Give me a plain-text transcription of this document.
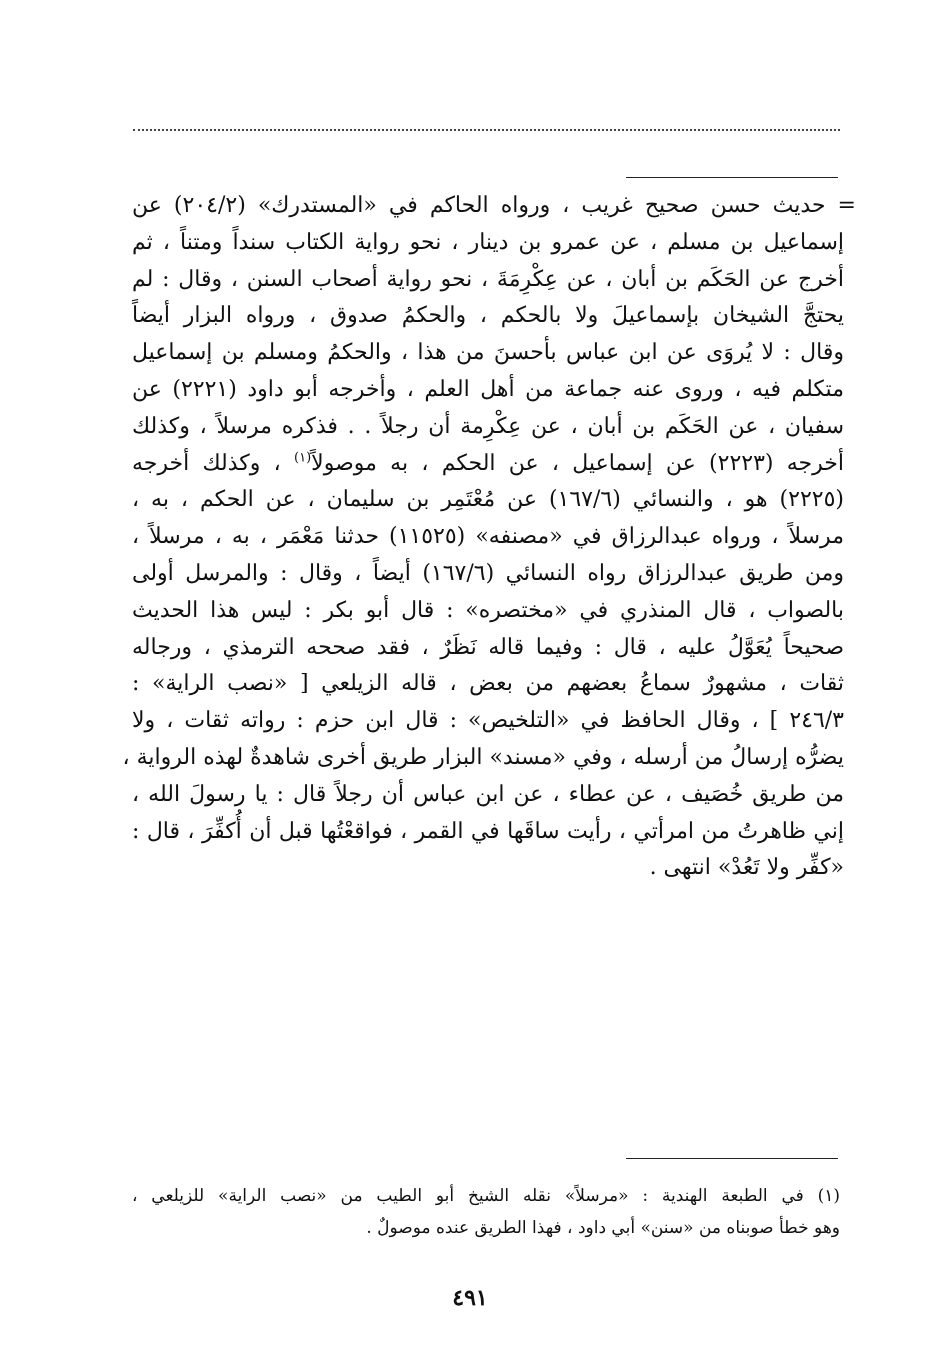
= حديث حسن صحيح غريب ، ورواه الحاكم في «المستدرك» (٢٠٤/٢) عن
إسماعيل بن مسلم ، عن عمرو بن دينار ، نحو رواية الكتاب سنداً ومتناً ، ثم
أخرج عن الحَكَم بن أبان ، عن عِكْرِمَةَ ، نحو رواية أصحاب السنن ، وقال : لم
يحتجَّ الشيخان بإسماعيلَ ولا بالحكم ، والحكمُ صدوق ، ورواه البزار أيضاً
وقال : لا يُروَى عن ابن عباس بأحسنَ من هذا ، والحكمُ ومسلم بن إسماعيل
متكلم فيه ، وروى عنه جماعة من أهل العلم ، وأخرجه أبو داود (٢٢٢١) عن
سفيان ، عن الحَكَم بن أبان ، عن عِكْرِمة أن رجلاً . . فذكره مرسلاً ، وكذلك
أخرجه (٢٢٢٣) عن إسماعيل ، عن الحكم ، به موصولاً$^{(١)}$ ، وكذلك أخرجه
(٢٢٢٥) هو ، والنسائي (١٦٧/٦) عن مُعْتَمِر بن سليمان ، عن الحكم ، به ،
مرسلاً ، ورواه عبدالرزاق في «مصنفه» (١١٥٢٥) حدثنا مَعْمَر ، به ، مرسلاً ،
ومن طريق عبدالرزاق رواه النسائي (١٦٧/٦) أيضاً ، وقال : والمرسل أولى
بالصواب ، قال المنذري في «مختصره» : قال أبو بكر : ليس هذا الحديث
صحيحاً يُعَوَّلُ عليه ، قال : وفيما قاله نَظَرٌ ، فقد صححه الترمذي ، ورجاله
ثقات ، مشهورٌ سماعُ بعضهم من بعض ، قاله الزيلعي [ «نصب الراية» :
٢٤٦/٣ ] ، وقال الحافظ في «التلخيص» : قال ابن حزم : رواته ثقات ، ولا
يضرُّه إرسالُ من أرسله ، وفي «مسند» البزار طريق أخرى شاهدةٌ لهذه الرواية ،
من طريق خُصَيف ، عن عطاء ، عن ابن عباس أن رجلاً قال : يا رسولَ الله ،
إني ظاهرتُ من امرأتي ، رأيت ساقَها في القمر ، فواقعْتُها قبل أن أُكفِّرَ ، قال :
«كفِّر ولا تَعُدْ» انتهى .
(١) في الطبعة الهندية : «مرسلاً» نقله الشيخ أبو الطيب من «نصب الراية» للزيلعي ،
وهو خطأ صوبناه من «سنن» أبي داود ، فهذا الطريق عنده موصولٌ .
٤٩١
